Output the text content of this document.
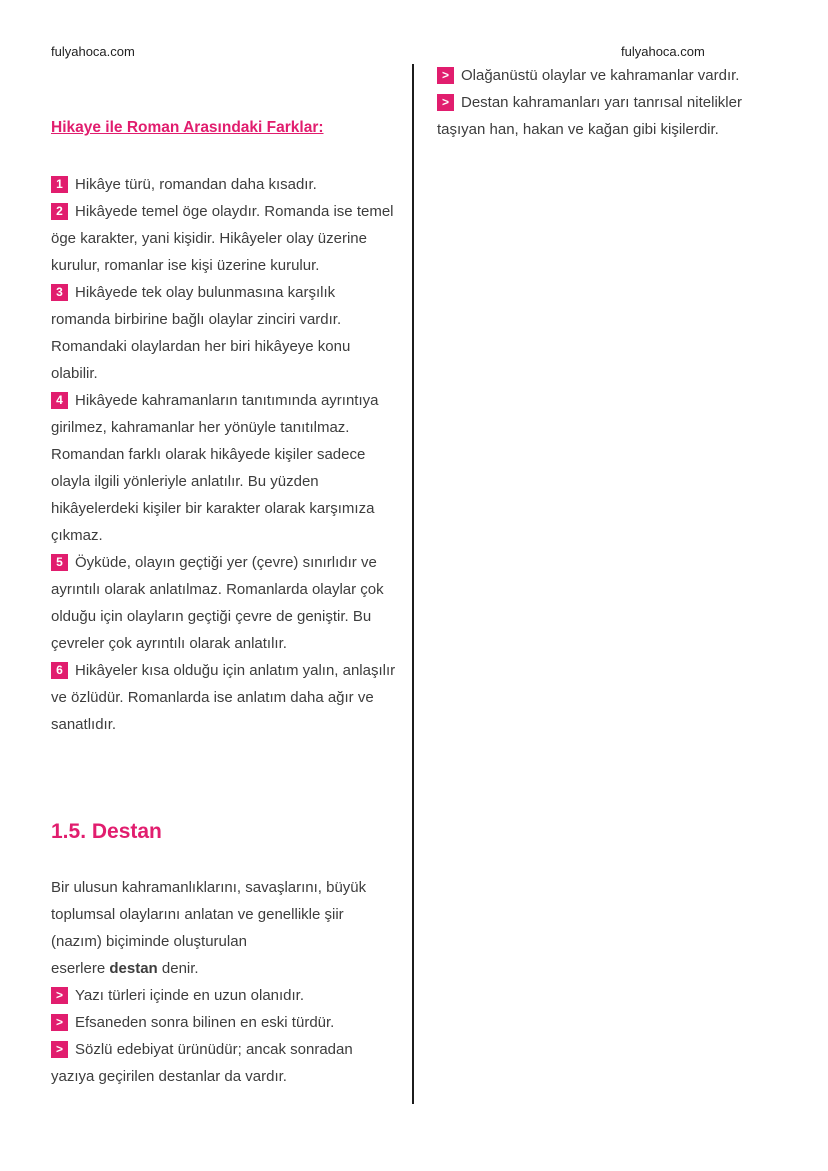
fulyahoca.com	fulyahoca.com
Hikaye ile Roman Arasındaki Farklar:

1 Hikâye türü, romandan daha kısadır.

2 Hikâyede temel öge olaydır. Romanda ise temel öge karakter, yani kişidir. Hikâyeler olay üzerine kurulur, romanlar ise kişi üzerine kurulur.

3 Hikâyede tek olay bulunmasına karşılık romanda birbirine bağlı olaylar zinciri vardır. Romandaki olaylardan her biri hikâyeye konu olabilir.

4 Hikâyede kahramanların tanıtımında ayrıntıya girilmez, kahramanlar her yönüyle tanıtılmaz. Romandan farklı olarak hikâyede kişiler sadece olayla ilgili yönleriyle anlatılır. Bu yüzden hikâyelerdeki kişiler bir karakter olarak karşımıza çıkmaz.

5 Öyküde, olayın geçtiği yer (çevre) sınırlıdır ve ayrıntılı olarak anlatılmaz. Romanlarda olaylar çok olduğu için olayların geçtiği çevre de geniştir. Bu çevreler çok ayrıntılı olarak anlatılır.

6 Hikâyeler kısa olduğu için anlatım yalın, anlaşılır ve özlüdür. Romanlarda ise anlatım daha ağır ve sanatlıdır.

1.5. Destan

Bir ulusun kahramanlıklarını, savaşlarını, büyük toplumsal olaylarını anlatan ve genellikle şiir (nazım) biçiminde oluşturulan
eserlere destan denir.

> Yazı türleri içinde en uzun olanıdır.

> Efsaneden sonra bilinen en eski türdür.

> Sözlü edebiyat ürünüdür; ancak sonradan yazıya geçirilen destanlar da vardır.

> Olağanüstü olaylar ve kahramanlar vardır.

> Destan kahramanları yarı tanrısal nitelikler taşıyan han, hakan ve kağan gibi kişilerdir.
